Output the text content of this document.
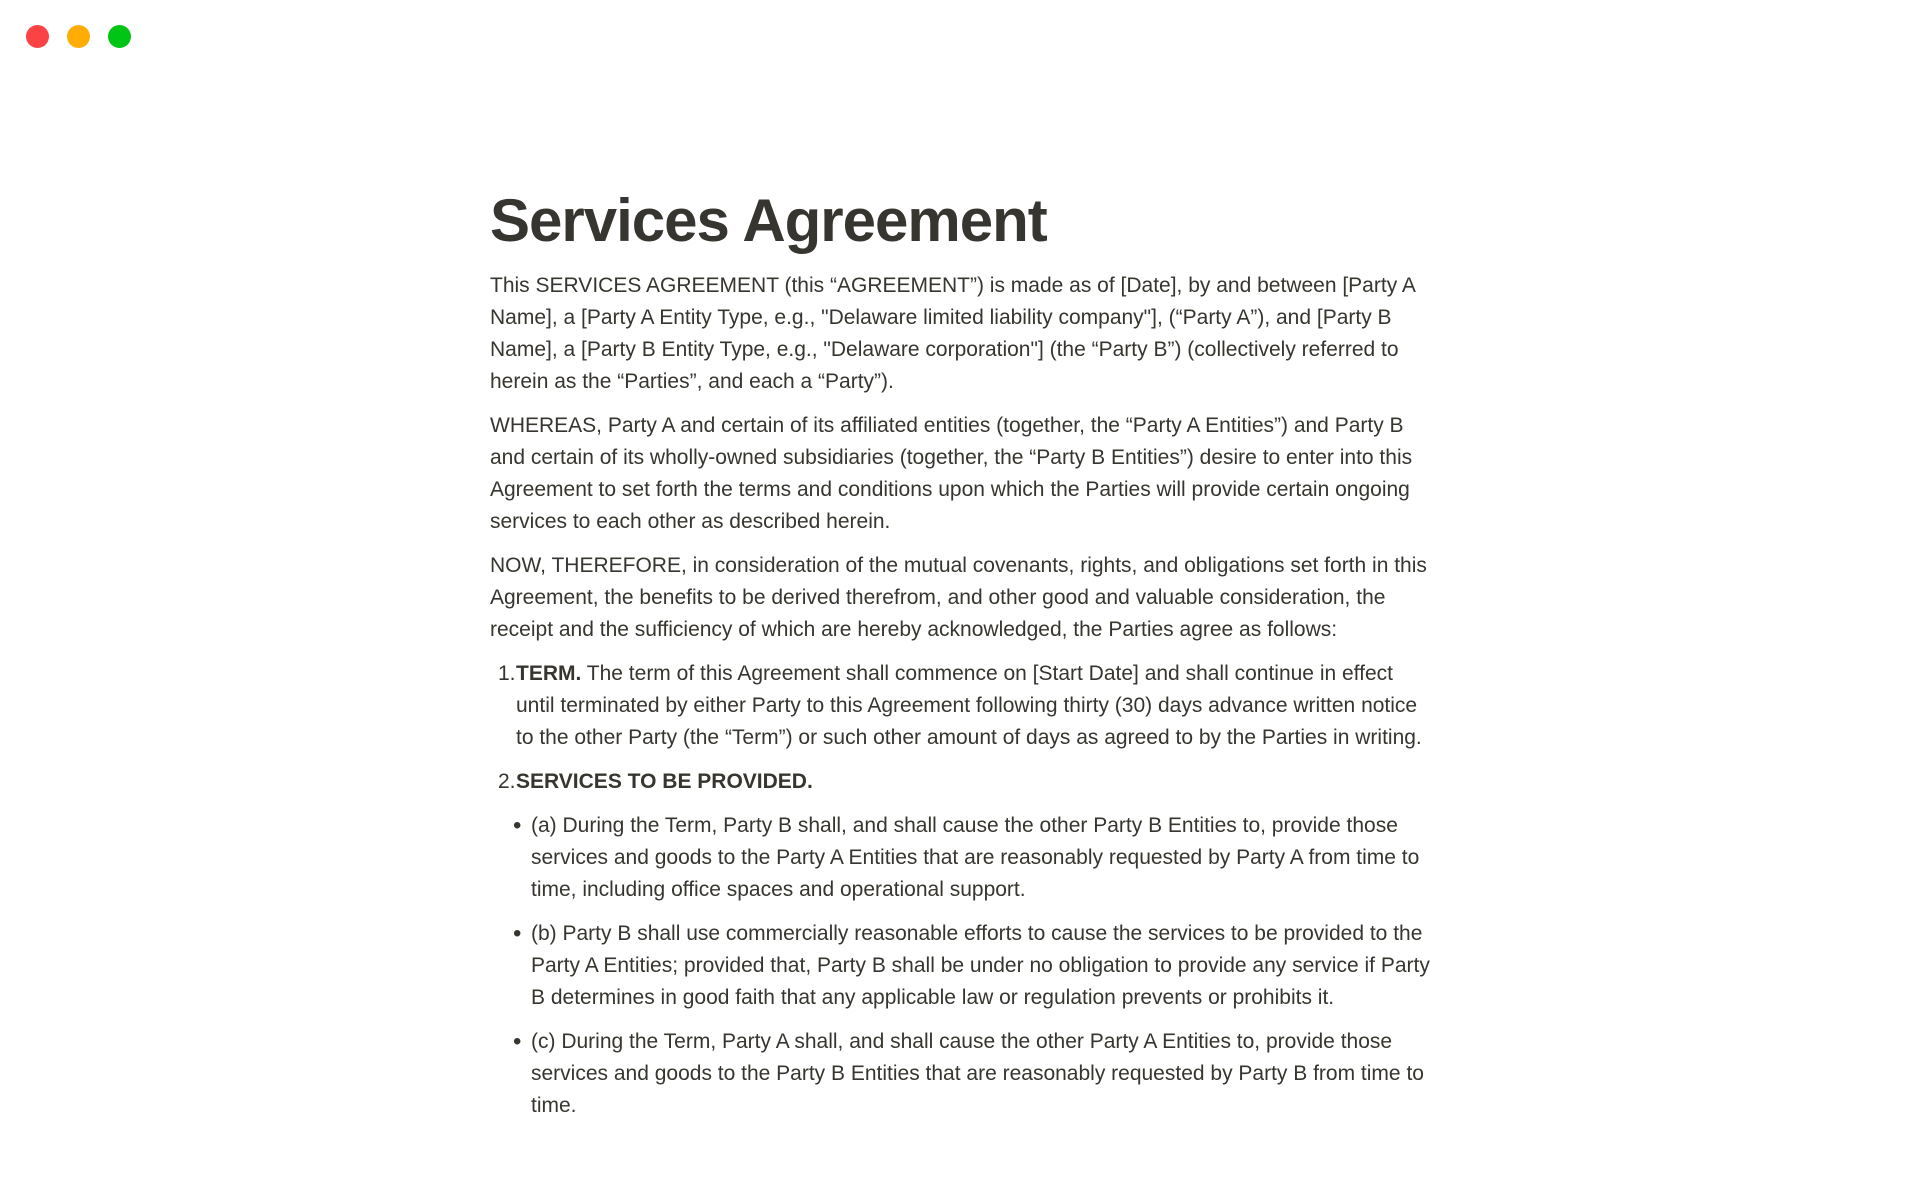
Services Agreement

This SERVICES AGREEMENT (this “AGREEMENT”) is made as of [Date], by and between [Party A Name], a [Party A Entity Type, e.g., "Delaware limited liability company"], (“Party A”), and [Party B Name], a [Party B Entity Type, e.g., "Delaware corporation"] (the “Party B”) (collectively referred to herein as the “Parties”, and each a “Party”).

WHEREAS, Party A and certain of its affiliated entities (together, the “Party A Entities”) and Party B and certain of its wholly-owned subsidiaries (together, the “Party B Entities”) desire to enter into this Agreement to set forth the terms and conditions upon which the Parties will provide certain ongoing services to each other as described herein.

NOW, THEREFORE, in consideration of the mutual covenants, rights, and obligations set forth in this Agreement, the benefits to be derived therefrom, and other good and valuable consideration, the receipt and the sufficiency of which are hereby acknowledged, the Parties agree as follows:

1. TERM. The term of this Agreement shall commence on [Start Date] and shall continue in effect until terminated by either Party to this Agreement following thirty (30) days advance written notice to the other Party (the “Term”) or such other amount of days as agreed to by the Parties in writing.
2. SERVICES TO BE PROVIDED.
• (a) During the Term, Party B shall, and shall cause the other Party B Entities to, provide those services and goods to the Party A Entities that are reasonably requested by Party A from time to time, including office spaces and operational support.
• (b) Party B shall use commercially reasonable efforts to cause the services to be provided to the Party A Entities; provided that, Party B shall be under no obligation to provide any service if Party B determines in good faith that any applicable law or regulation prevents or prohibits it.
• (c) During the Term, Party A shall, and shall cause the other Party A Entities to, provide those services and goods to the Party B Entities that are reasonably requested by Party B from time to time.
